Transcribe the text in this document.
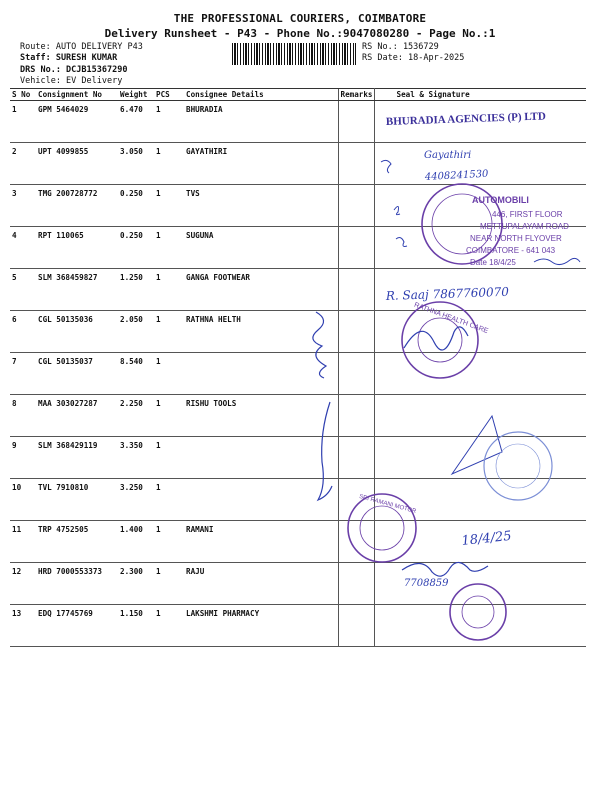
THE PROFESSIONAL COURIERS, COIMBATORE
Delivery Runsheet - P43 - Phone No.:9047080280 - Page No.:1
Route: AUTO DELIVERY P43
Staff: SURESH KUMAR
DRS No.: DCJB15367290
Vehicle: EV Delivery
RS No.: 1536729
RS Date: 18-Apr-2025
S No	Consignment No	Weight	PCS	Consignee Details	Remarks	Seal & Signature
1	GPM 5464029	6.470	1	BHURADIA		
2	UPT 4099855	3.050	1	GAYATHIRI		
3	TMG 200728772	0.250	1	TVS		
4	RPT 110065	0.250	1	SUGUNA		
5	SLM 368459827	1.250	1	GANGA FOOTWEAR		
6	CGL 50135036	2.050	1	RATHNA HELTH		
7	CGL 50135037	8.540	1			
8	MAA 303027287	2.250	1	RISHU TOOLS		
9	SLM 368429119	3.350	1			
10	TVL 7910810	3.250	1			
11	TRP 4752505	1.400	1	RAMANI		
12	HRD 7000553373	2.300	1	RAJU		
13	EDQ 17745769	1.150	1	LAKSHMI PHARMACY		
BHURADIA AGENCIES (P) LTD
Gayathiri
4408241530
AUTOMOBILI
446, FIRST FLOOR
METTUPALAYAM ROAD
NEAR NORTH FLYOVER
COIMBATORE - 641 043
Date 18/4/25
R. Saaj 7867760070
RATHNA HEALTH CARE
SRI RAMANI MOTOR
18/4/25
7708859
